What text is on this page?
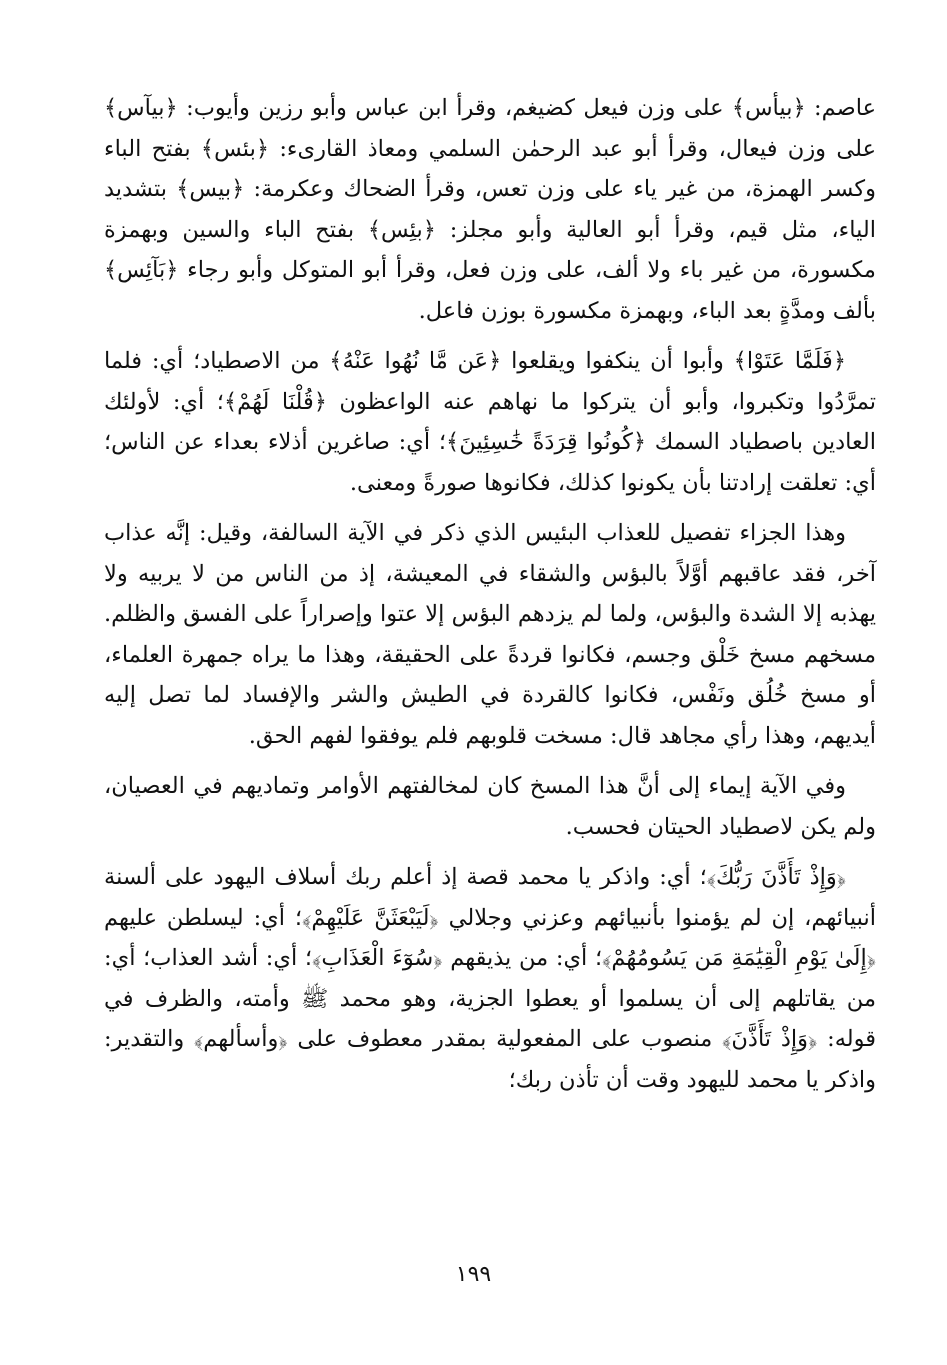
عاصم: ﴿بيأس﴾ على وزن فيعل كضيغم، وقرأ ابن عباس وأبو رزين وأيوب: ﴿بيآس﴾ على وزن فيعال، وقرأ أبو عبد الرحمٰن السلمي ومعاذ القارىء: ﴿بئس﴾ بفتح الباء وكسر الهمزة، من غير ياء على وزن تعس، وقرأ الضحاك وعكرمة: ﴿بيس﴾ بتشديد الياء، مثل قيم، وقرأ أبو العالية وأبو مجلز: ﴿بئِس﴾ بفتح الباء والسين وبهمزة مكسورة، من غير باء ولا ألف، على وزن فعل، وقرأ أبو المتوكل وأبو رجاء ﴿بَآئِس﴾ بألف ومدَّةٍ بعد الباء، وبهمزة مكسورة بوزن فاعل.

﴿فَلَمَّا عَتَوْا﴾ وأبوا أن ينكفوا ويقلعوا ﴿عَن مَّا نُهُوا عَنْهُ﴾ من الاصطياد؛ أي: فلما تمرَّدُوا وتكبروا، وأبو أن يتركوا ما نهاهم عنه الواعظون ﴿قُلْنَا لَهُمْ﴾؛ أي: لأولئك العادين باصطياد السمك ﴿كُونُوا قِرَدَةً خَٰسِئِينَ﴾؛ أي: صاغرين أذلاء بعداء عن الناس؛ أي: تعلقت إرادتنا بأن يكونوا كذلك، فكانوها صورةً ومعنى.

وهذا الجزاء تفصيل للعذاب البئيس الذي ذكر في الآية السالفة، وقيل: إنَّه عذاب آخر، فقد عاقبهم أوَّلاً بالبؤس والشقاء في المعيشة، إذ من الناس من لا يربيه ولا يهذبه إلا الشدة والبؤس، ولما لم يزدهم البؤس إلا عتوا وإصراراً على الفسق والظلم. مسخهم مسخ خَلْق وجسم، فكانوا قردةً على الحقيقة، وهذا ما يراه جمهرة العلماء، أو مسخ خُلُق ونَفْس، فكانوا كالقردة في الطيش والشر والإفساد لما تصل إليه أيديهم، وهذا رأي مجاهد قال: مسخت قلوبهم فلم يوفقوا لفهم الحق.

وفي الآية إيماء إلى أنَّ هذا المسخ كان لمخالفتهم الأوامر وتماديهم في العصيان، ولم يكن لاصطياد الحيتان فحسب.

﴿وَإِذْ تَأَذَّنَ رَبُّكَ﴾؛ أي: واذكر يا محمد قصة إذ أعلم ربك أسلاف اليهود على ألسنة أنبيائهم، إن لم يؤمنوا بأنبيائهم وعزني وجلالي ﴿لَيَبْعَثَنَّ عَلَيْهِمْ﴾؛ أي: ليسلطن عليهم ﴿إِلَىٰ يَوْمِ الْقِيَٰمَةِ مَن يَسُومُهُمْ﴾؛ أي: من يذيقهم ﴿سُوٓءَ الْعَذَابِ﴾؛ أي: أشد العذاب؛ أي: من يقاتلهم إلى أن يسلموا أو يعطوا الجزية، وهو محمد ﷺ وأمته، والظرف في قوله: ﴿وَإِذْ تَأَذَّنَ﴾ منصوب على المفعولية بمقدر معطوف على ﴿وأسألهم﴾ والتقدير: واذكر يا محمد لليهود وقت أن تأذن ربك؛

١٩٩
